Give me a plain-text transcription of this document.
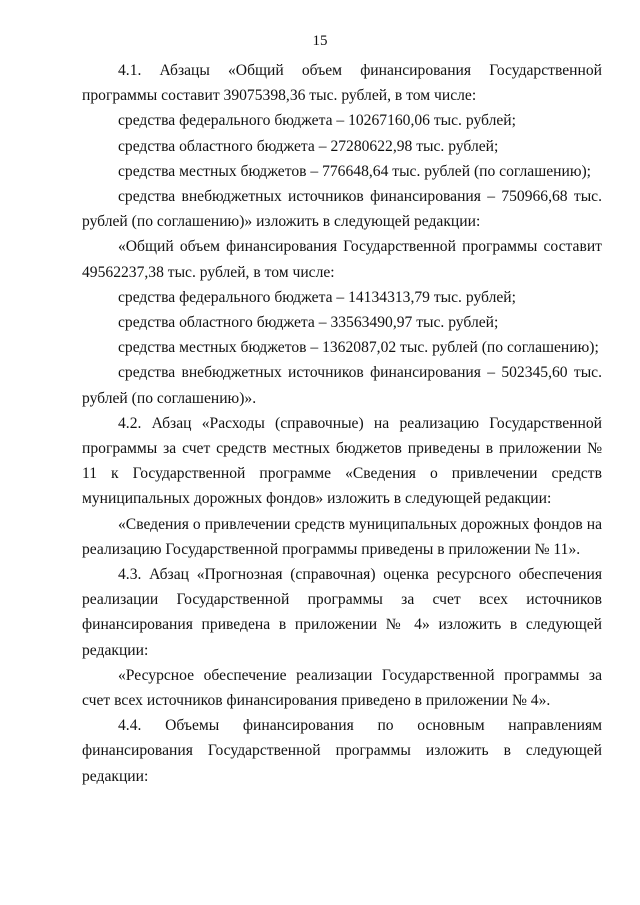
15

4.1. Абзацы «Общий объем финансирования Государственной программы составит 39075398,36 тыс. рублей, в том числе:

средства федерального бюджета – 10267160,06 тыс. рублей;

средства областного бюджета – 27280622,98 тыс. рублей;

средства местных бюджетов – 776648,64 тыс. рублей (по соглашению);

средства внебюджетных источников финансирования – 750966,68 тыс. рублей (по соглашению)» изложить в следующей редакции:

«Общий объем финансирования Государственной программы составит 49562237,38 тыс. рублей, в том числе:

средства федерального бюджета – 14134313,79 тыс. рублей;

средства областного бюджета – 33563490,97 тыс. рублей;

средства местных бюджетов – 1362087,02 тыс. рублей (по соглашению);

средства внебюджетных источников финансирования – 502345,60 тыс. рублей (по соглашению)».

4.2. Абзац «Расходы (справочные) на реализацию Государственной программы за счет средств местных бюджетов приведены в приложении № 11 к Государственной программе «Сведения о привлечении средств муниципальных дорожных фондов» изложить в следующей редакции:

«Сведения о привлечении средств муниципальных дорожных фондов на реализацию Государственной программы приведены в приложении № 11».

4.3. Абзац «Прогнозная (справочная) оценка ресурсного обеспечения реализации Государственной программы за счет всех источников финансирования приведена в приложении № 4» изложить в следующей редакции:

«Ресурсное обеспечение реализации Государственной программы за счет всех источников финансирования приведено в приложении № 4».

4.4. Объемы финансирования по основным направлениям финансирования Государственной программы изложить в следующей редакции:
